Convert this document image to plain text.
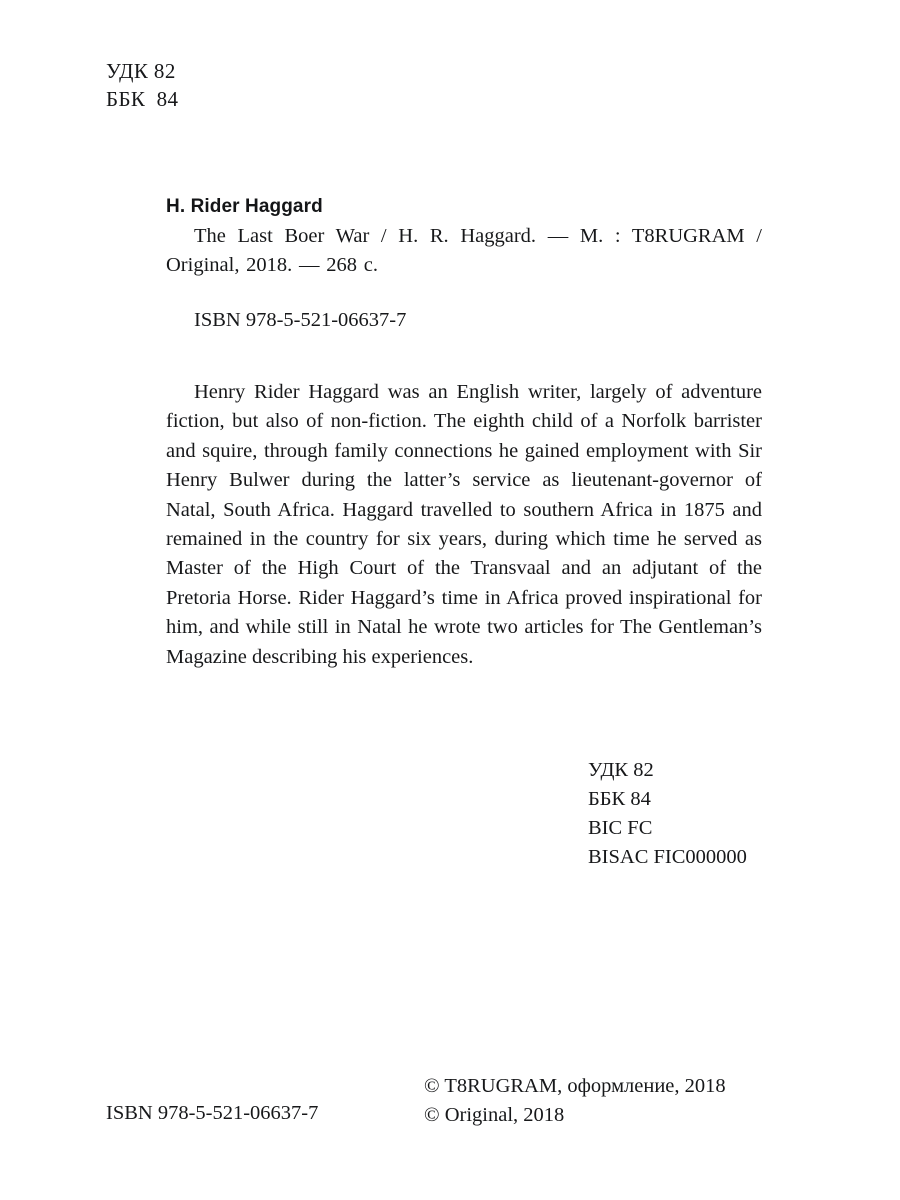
УДК 82
ББК  84

H. Rider Haggard

The Last Boer War / H. R. Haggard. — M. : T8RUGRAM / Original, 2018. — 268 c.

ISBN 978-5-521-06637-7

Henry Rider Haggard was an English writer, largely of adventure fiction, but also of non-fiction. The eighth child of a Norfolk barrister and squire, through family connections he gained employment with Sir Henry Bulwer during the latter’s service as lieutenant-governor of Natal, South Africa. Haggard travelled to southern Africa in 1875 and remained in the country for six years, during which time he served as Master of the High Court of the Transvaal and an adjutant of the Pretoria Horse. Rider Haggard’s time in Africa proved inspirational for him, and while still in Natal he wrote two articles for The Gentleman’s Magazine describing his experiences.

УДК 82
ББК 84
BIC FC
BISAC FIC000000
© T8RUGRAM, оформление, 2018
© Original, 2018
ISBN 978-5-521-06637-7
